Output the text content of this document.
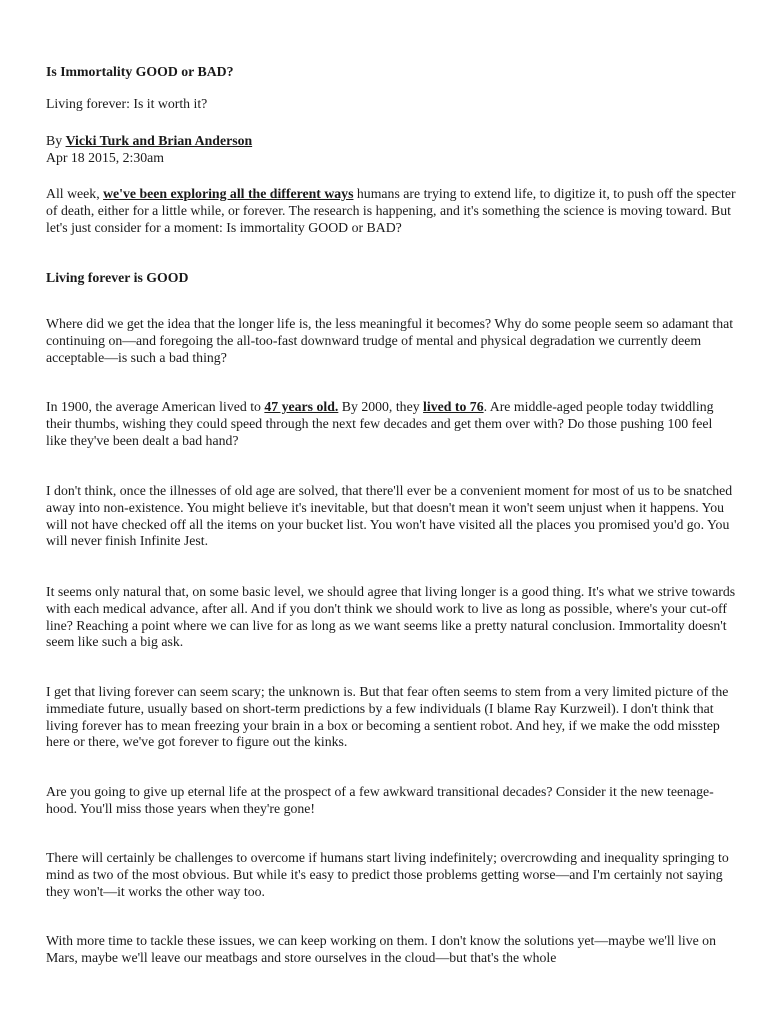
Is Immortality GOOD or BAD?

Living forever: Is it worth it?

By Vicki Turk and Brian Anderson

Apr 18 2015, 2:30am

All week, we've been exploring all the different ways humans are trying to extend life, to digitize it, to push off the specter of death, either for a little while, or forever. The research is happening, and it's something the science is moving toward. But let's just consider for a moment: Is immortality GOOD or BAD?

Living forever is GOOD

Where did we get the idea that the longer life is, the less meaningful it becomes? Why do some people seem so adamant that continuing on—and foregoing the all-too-fast downward trudge of mental and physical degradation we currently deem acceptable—is such a bad thing?

In 1900, the average American lived to 47 years old. By 2000, they lived to 76. Are middle-aged people today twiddling their thumbs, wishing they could speed through the next few decades and get them over with? Do those pushing 100 feel like they've been dealt a bad hand?

I don't think, once the illnesses of old age are solved, that there'll ever be a convenient moment for most of us to be snatched away into non-existence. You might believe it's inevitable, but that doesn't mean it won't seem unjust when it happens. You will not have checked off all the items on your bucket list. You won't have visited all the places you promised you'd go. You will never finish Infinite Jest.

It seems only natural that, on some basic level, we should agree that living longer is a good thing. It's what we strive towards with each medical advance, after all. And if you don't think we should work to live as long as possible, where's your cut-off line? Reaching a point where we can live for as long as we want seems like a pretty natural conclusion. Immortality doesn't seem like such a big ask.

I get that living forever can seem scary; the unknown is. But that fear often seems to stem from a very limited picture of the immediate future, usually based on short-term predictions by a few individuals (I blame Ray Kurzweil). I don't think that living forever has to mean freezing your brain in a box or becoming a sentient robot. And hey, if we make the odd misstep here or there, we've got forever to figure out the kinks.

Are you going to give up eternal life at the prospect of a few awkward transitional decades? Consider it the new teenage-hood. You'll miss those years when they're gone!

There will certainly be challenges to overcome if humans start living indefinitely; overcrowding and inequality springing to mind as two of the most obvious. But while it's easy to predict those problems getting worse—and I'm certainly not saying they won't—it works the other way too.

With more time to tackle these issues, we can keep working on them. I don't know the solutions yet—maybe we'll live on Mars, maybe we'll leave our meatbags and store ourselves in the cloud—but that's the whole
